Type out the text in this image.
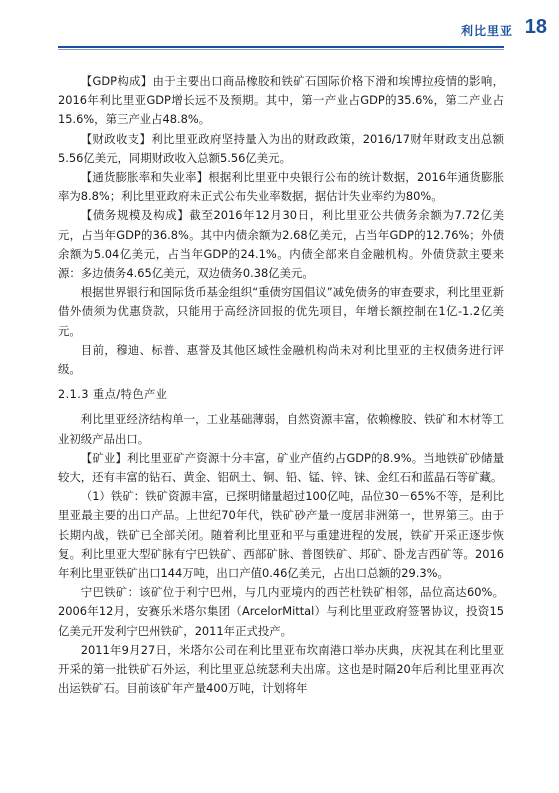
利比里亚 18

【GDP构成】由于主要出口商品橡胶和铁矿石国际价格下滑和埃博拉疫情的影响，2016年利比里亚GDP增长远不及预期。其中，第一产业占GDP的35.6%，第二产业占15.6%，第三产业占48.8%。

【财政收支】利比里亚政府坚持量入为出的财政政策，2016/17财年财政支出总额5.56亿美元，同期财政收入总额5.56亿美元。

【通货膨胀率和失业率】根据利比里亚中央银行公布的统计数据，2016年通货膨胀率为8.8%；利比里亚政府未正式公布失业率数据，据估计失业率约为80%。

【债务规模及构成】截至2016年12月30日，利比里亚公共债务余额为7.72亿美元，占当年GDP的36.8%。其中内债余额为2.68亿美元，占当年GDP的12.76%；外债余额为5.04亿美元，占当年GDP的24.1%。内债全部来自金融机构。外债贷款主要来源：多边债务4.65亿美元，双边债务0.38亿美元。

根据世界银行和国际货币基金组织“重债穷国倡议”减免债务的审查要求，利比里亚新借外债须为优惠贷款，只能用于高经济回报的优先项目，年增长额控制在1亿-1.2亿美元。

目前，穆迪、标普、惠誉及其他区域性金融机构尚未对利比里亚的主权债务进行评级。

2.1.3 重点/特色产业

利比里亚经济结构单一，工业基础薄弱，自然资源丰富，依赖橡胶、铁矿和木材等工业初级产品出口。

【矿业】利比里亚矿产资源十分丰富，矿业产值约占GDP的8.9%。当地铁矿砂储量较大，还有丰富的钻石、黄金、铝矾土、铜、铅、锰、锌、铼、金红石和蓝晶石等矿藏。

（1）铁矿：铁矿资源丰富，已探明储量超过100亿吨，品位30－65%不等，是利比里亚最主要的出口产品。上世纪70年代，铁矿砂产量一度居非洲第一，世界第三。由于长期内战，铁矿已全部关闭。随着利比里亚和平与重建进程的发展，铁矿开采正逐步恢复。利比里亚大型矿脉有宁巴铁矿、西部矿脉、普图铁矿、邦矿、卧龙吉西矿等。2016年利比里亚铁矿出口144万吨，出口产值0.46亿美元，占出口总额的29.3%。

宁巴铁矿：该矿位于利宁巴州，与几内亚境内的西芒杜铁矿相邻，品位高达60%。2006年12月，安赛乐米塔尔集团（ArcelorMittal）与利比里亚政府签署协议，投资15亿美元开发利宁巴州铁矿，2011年正式投产。

2011年9月27日，米塔尔公司在利比里亚布坎南港口举办庆典，庆祝其在利比里亚开采的第一批铁矿石外运，利比里亚总统瑟利夫出席。这也是时隔20年后利比里亚再次出运铁矿石。目前该矿年产量400万吨，计划将年
